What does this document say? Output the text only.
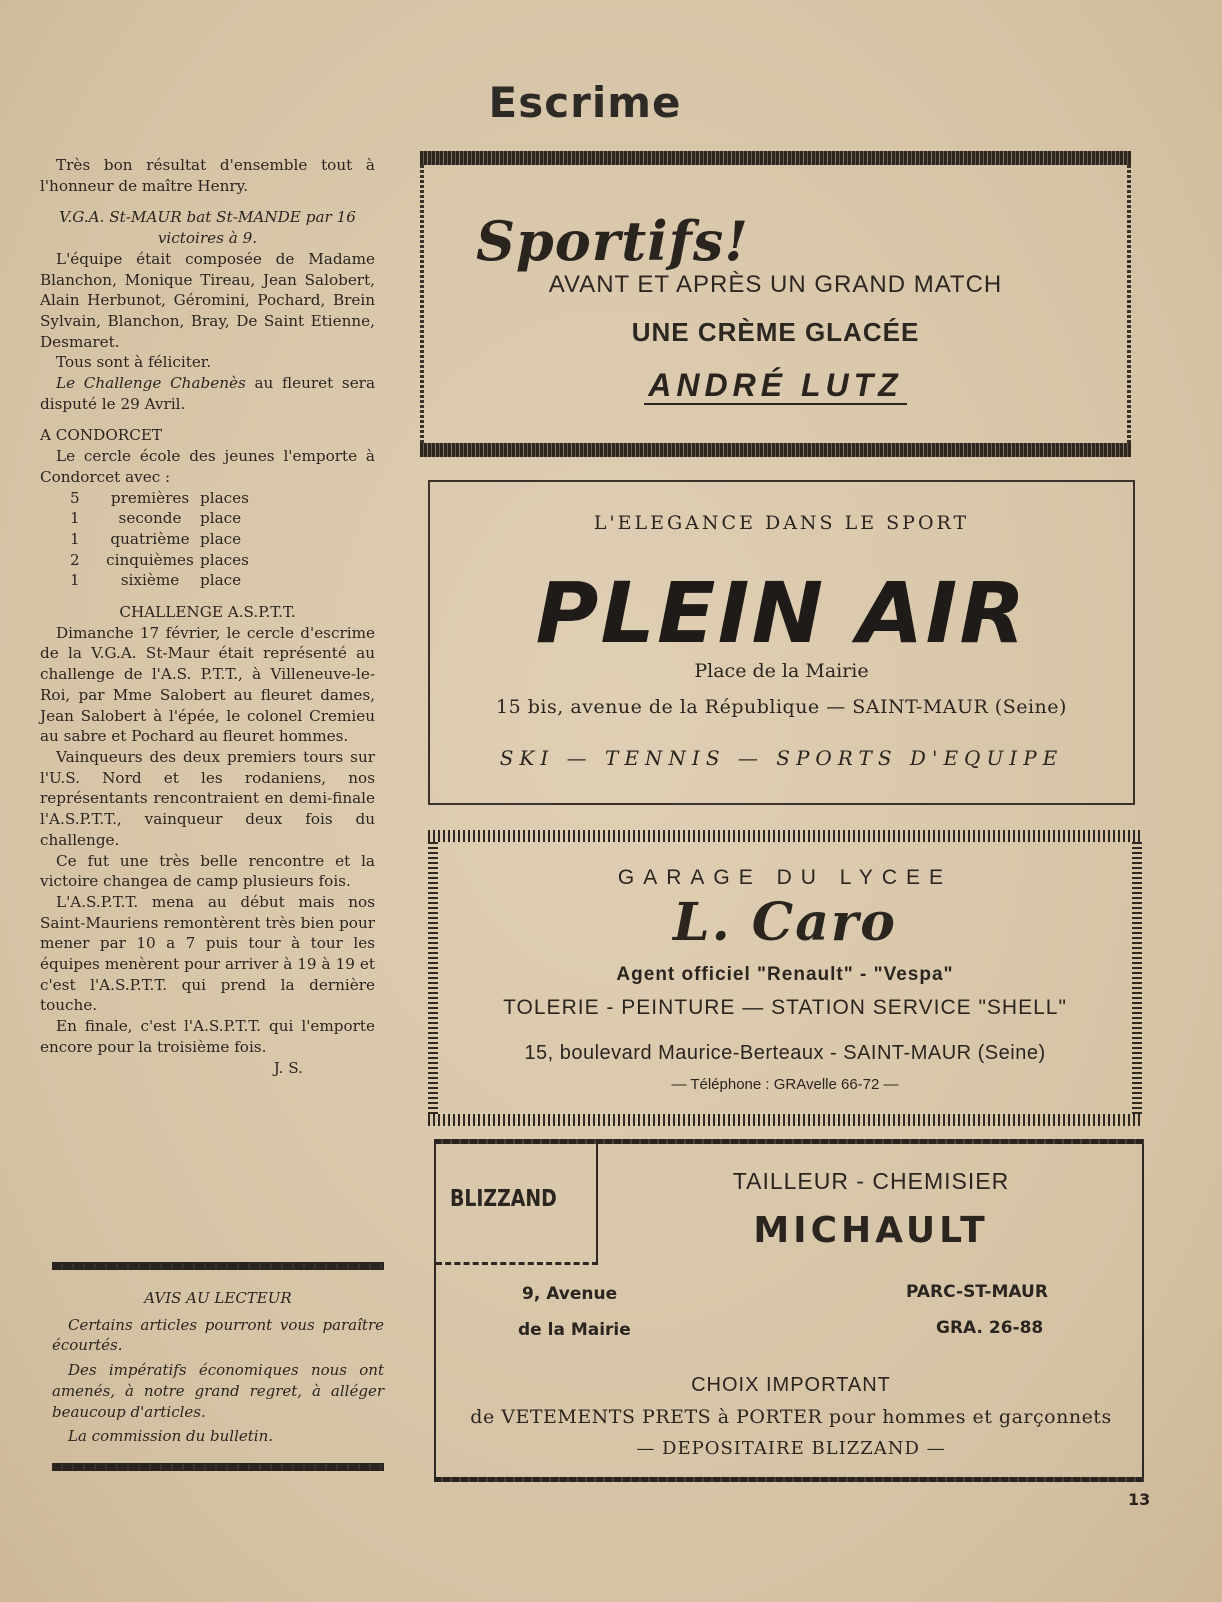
Escrime

Très bon résultat d'ensemble tout à l'honneur de maître Henry.

V.G.A. St-MAUR bat St-MANDE par 16 victoires à 9.

L'équipe était composée de Madame Blanchon, Monique Tireau, Jean Salobert, Alain Herbunot, Géromini, Pochard, Brein Sylvain, Blanchon, Bray, De Saint Etienne, Desmaret.

Tous sont à féliciter.

Le Challenge Chabenès au fleuret sera disputé le 29 Avril.

A CONDORCET

Le cercle école des jeunes l'emporte à Condorcet avec :

5	premières places
1	seconde	place
1	quatrième place
2	cinquièmes places
1	sixième	place

CHALLENGE A.S.P.T.T.

Dimanche 17 février, le cercle d'escrime de la V.G.A. St-Maur était représenté au challenge de l'A.S. P.T.T., à Villeneuve-le-Roi, par Mme Salobert au fleuret dames, Jean Salobert à l'épée, le colonel Cremieu au sabre et Pochard au fleuret hommes.

Vainqueurs des deux premiers tours sur l'U.S. Nord et les rodaniens, nos représentants rencontraient en demi-finale l'A.S.P.T.T., vainqueur deux fois du challenge.

Ce fut une très belle rencontre et la victoire changea de camp plusieurs fois.

L'A.S.P.T.T. mena au début mais nos Saint-Mauriens remontèrent très bien pour mener par 10 a 7 puis tour à tour les équipes menèrent pour arriver à 19 à 19 et c'est l'A.S.P.T.T. qui prend la dernière touche.

En finale, c'est l'A.S.P.T.T. qui l'emporte encore pour la troisième fois.

J. S.

AVIS AU LECTEUR

Certains articles pourront vous paraître écourtés.

Des impératifs économiques nous ont amenés, à notre grand regret, à alléger beaucoup d'articles.

La commission du bulletin.

Sportifs!
AVANT ET APRÈS UN GRAND MATCH
UNE CRÈME GLACÉE
ANDRÉ LUTZ
L'ELEGANCE DANS LE SPORT
PLEIN AIR
Place de la Mairie
15 bis, avenue de la République — SAINT-MAUR (Seine)
SKI — TENNIS — SPORTS D'EQUIPE
GARAGE DU LYCEE
L. Caro
Agent officiel "Renault" - "Vespa"
TOLERIE - PEINTURE — STATION SERVICE "SHELL"
15, boulevard Maurice-Berteaux - SAINT-MAUR (Seine)
— Téléphone : GRAvelle 66-72 —
BLIZZAND
TAILLEUR - CHEMISIER
MICHAULT
9, Avenue
de la Mairie
PARC-ST-MAUR
GRA. 26-88
CHOIX IMPORTANT
de VETEMENTS PRETS à PORTER pour hommes et garçonnets
— DEPOSITAIRE BLIZZAND —
13
